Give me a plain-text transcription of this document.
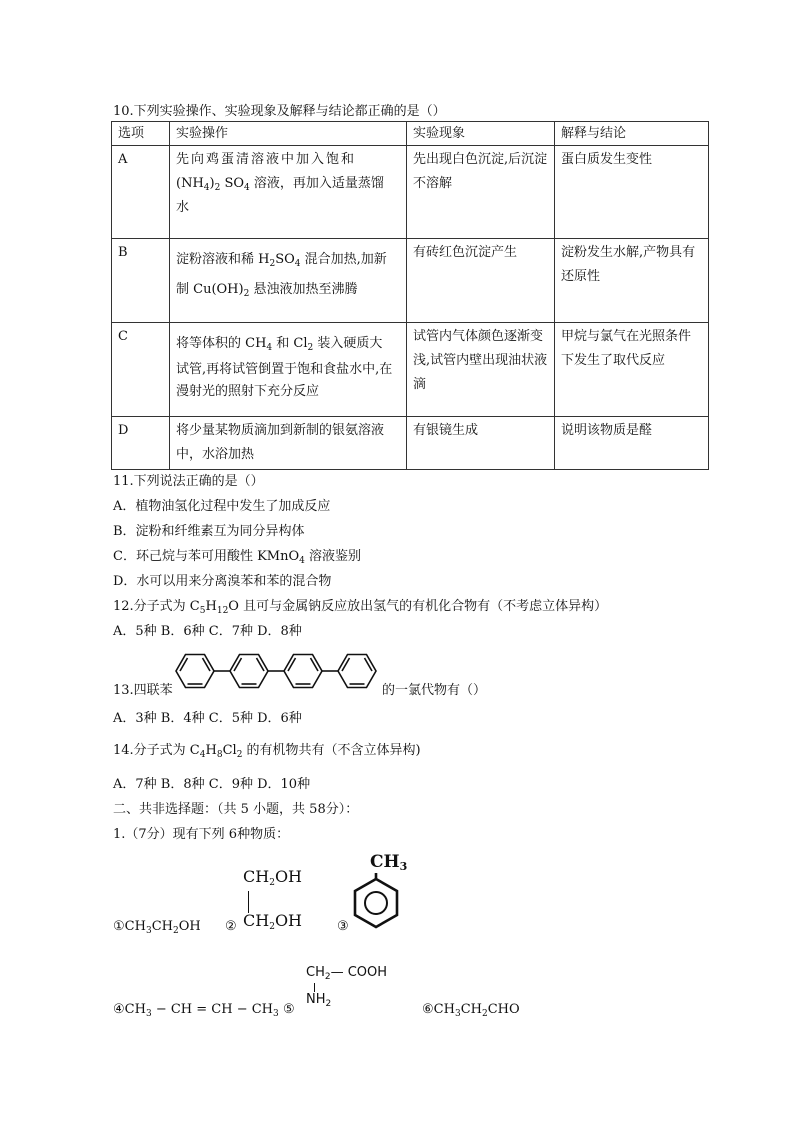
10.下列实验操作、实验现象及解释与结论都正确的是（）
选项	实验操作	实验现象	解释与结论
A	先向鸡蛋清溶液中加入饱和
$(NH_4)_2$ $SO_4$ 溶液，再加入适量蒸馏
水	先出现白色沉淀,后沉淀不溶解	蛋白质发生变性
B	淀粉溶液和稀 $H_2SO_4$ 混合加热,加新
制 $Cu(OH)_2$ 悬浊液加热至沸腾	有砖红色沉淀产生	淀粉发生水解,产物具有还原性
C	将等体积的 $CH_4$ 和 $Cl_2$ 装入硬质大
试管,再将试管倒置于饱和食盐水中,在漫射光的照射下充分反应	试管内气体颜色逐渐变浅,试管内壁出现油状液滴	甲烷与氯气在光照条件下发生了取代反应
D	将少量某物质滴加到新制的银氨溶液中，水浴加热	有银镜生成	说明该物质是醛
11.下列说法正确的是（）
A．植物油氢化过程中发生了加成反应
B．淀粉和纤维素互为同分异构体
C．环己烷与苯可用酸性 KMnO$_4$ 溶液鉴别
D．水可以用来分离溴苯和苯的混合物
12.分子式为 $C_5H_{12}O$ 且可与金属钠反应放出氢气的有机化合物有（不考虑立体异构）
A．5种 B．6种 C．7种 D．8种
13.四联苯	的一氯代物有（）
A．3种 B．4种 C．5种 D．6种
14.分子式为 $C_4H_8Cl_2$ 的有机物共有（不含立体异构)
A．7种 B．8种 C．9种 D．10种
二、共非选择题：（共 5 小题，共 58分）：
1.（7分）现有下列 6种物质：
$①CH_3CH_2OH$ ②
$CH_2OH$
$CH_2OH$	③
$CH_3$
$④CH_3$ − CH = CH − $CH_3$ ⑤
$CH_2—$ COOH
$NH_2$	$⑥CH_3CH_2CHO$
